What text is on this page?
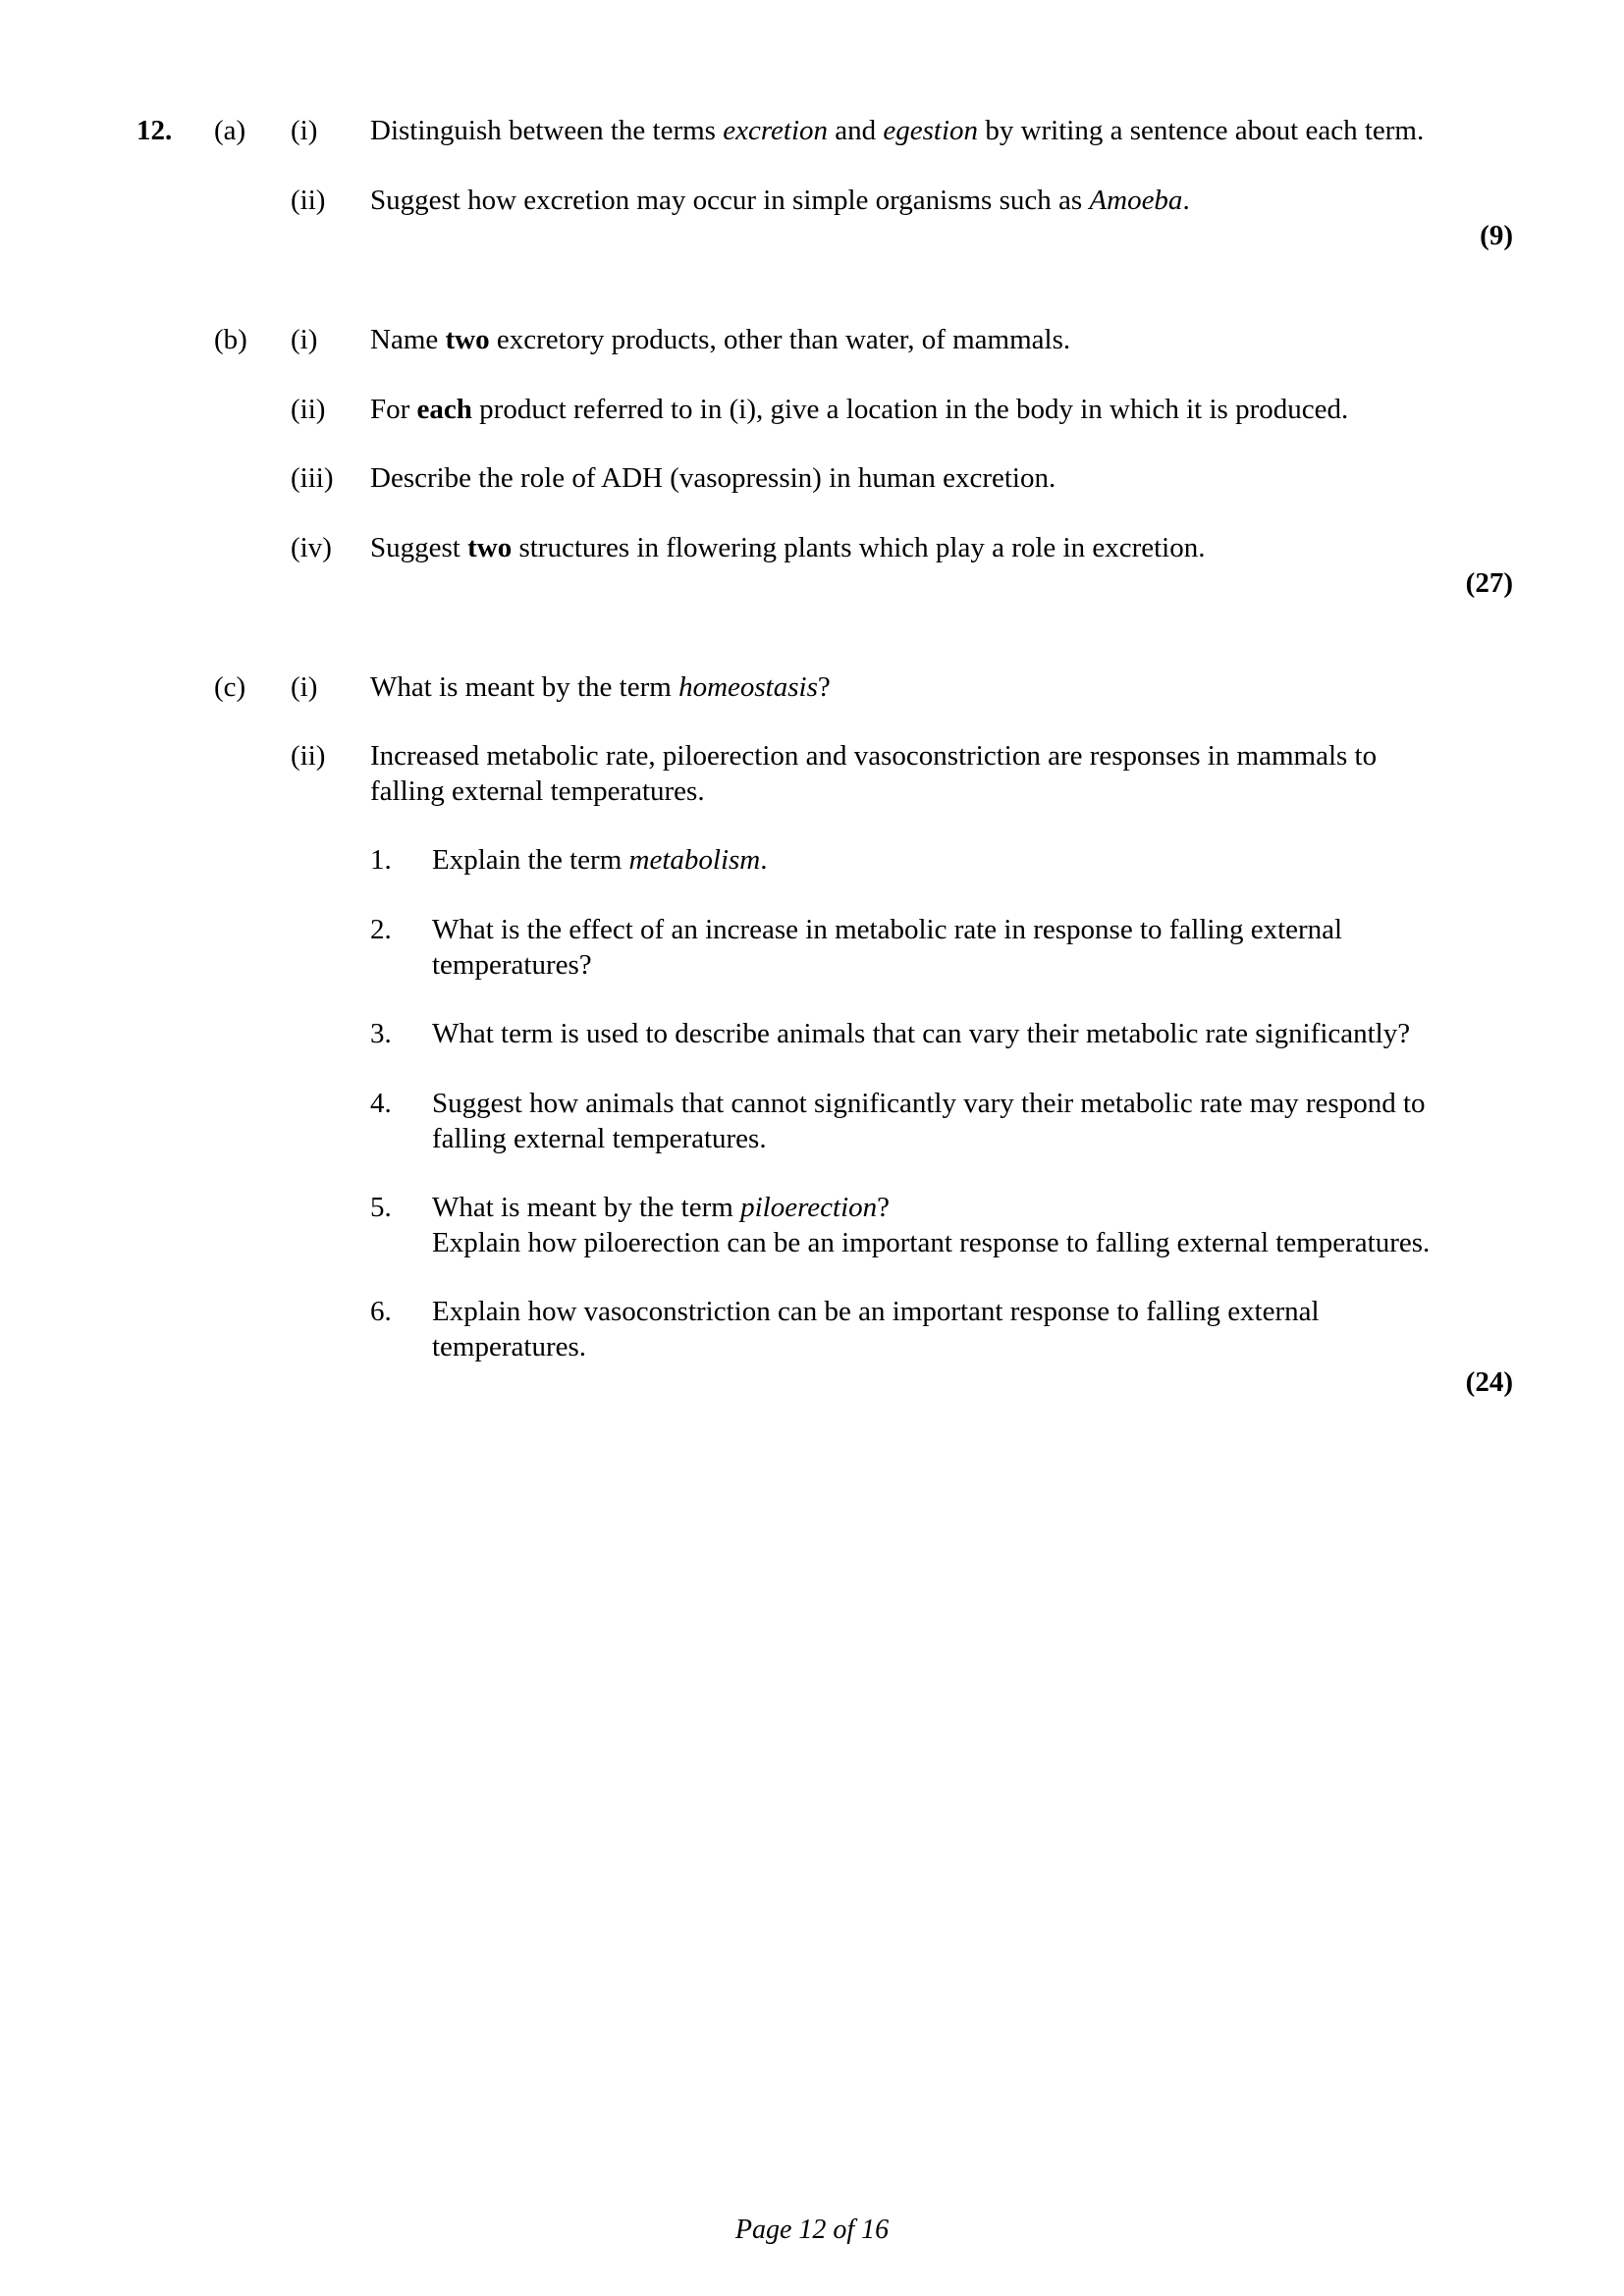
12. (a) (i) Distinguish between the terms excretion and egestion by writing a sentence about each term.
(ii) Suggest how excretion may occur in simple organisms such as Amoeba.
(9)
(b) (i) Name two excretory products, other than water, of mammals.
(ii) For each product referred to in (i), give a location in the body in which it is produced.
(iii) Describe the role of ADH (vasopressin) in human excretion.
(iv) Suggest two structures in flowering plants which play a role in excretion.
(27)
(c) (i) What is meant by the term homeostasis?
(ii) Increased metabolic rate, piloerection and vasoconstriction are responses in mammals to
falling external temperatures.
1. Explain the term metabolism.
2. What is the effect of an increase in metabolic rate in response to falling external
temperatures?
3. What term is used to describe animals that can vary their metabolic rate significantly?
4. Suggest how animals that cannot significantly vary their metabolic rate may respond to
falling external temperatures.
5. What is meant by the term piloerection?
Explain how piloerection can be an important response to falling external temperatures.
6. Explain how vasoconstriction can be an important response to falling external
temperatures.
(24)
Page 12 of 16
